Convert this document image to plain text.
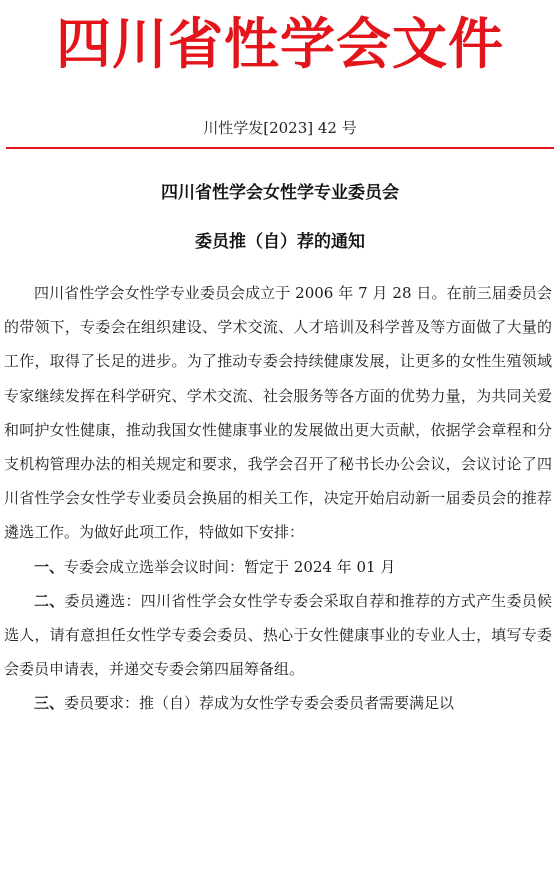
四川省性学会文件
川性学发[2023] 42 号
四川省性学会女性学专业委员会
委员推（自）荐的通知

四川省性学会女性学专业委员会成立于 2006 年 7 月 28 日。在前三届委员会的带领下，专委会在组织建设、学术交流、人才培训及科学普及等方面做了大量的工作，取得了长足的进步。为了推动专委会持续健康发展，让更多的女性生殖领域专家继续发挥在科学研究、学术交流、社会服务等各方面的优势力量，为共同关爱和呵护女性健康，推动我国女性健康事业的发展做出更大贡献，依据学会章程和分支机构管理办法的相关规定和要求，我学会召开了秘书长办公会议，会议讨论了四川省性学会女性学专业委员会换届的相关工作，决定开始启动新一届委员会的推荐遴选工作。为做好此项工作，特做如下安排：

一、专委会成立选举会议时间：暂定于 2024 年 01 月

二、委员遴选：四川省性学会女性学专委会采取自荐和推荐的方式产生委员候选人，请有意担任女性学专委会委员、热心于女性健康事业的专业人士，填写专委会委员申请表，并递交专委会第四届筹备组。

三、委员要求：推（自）荐成为女性学专委会委员者需要满足以
